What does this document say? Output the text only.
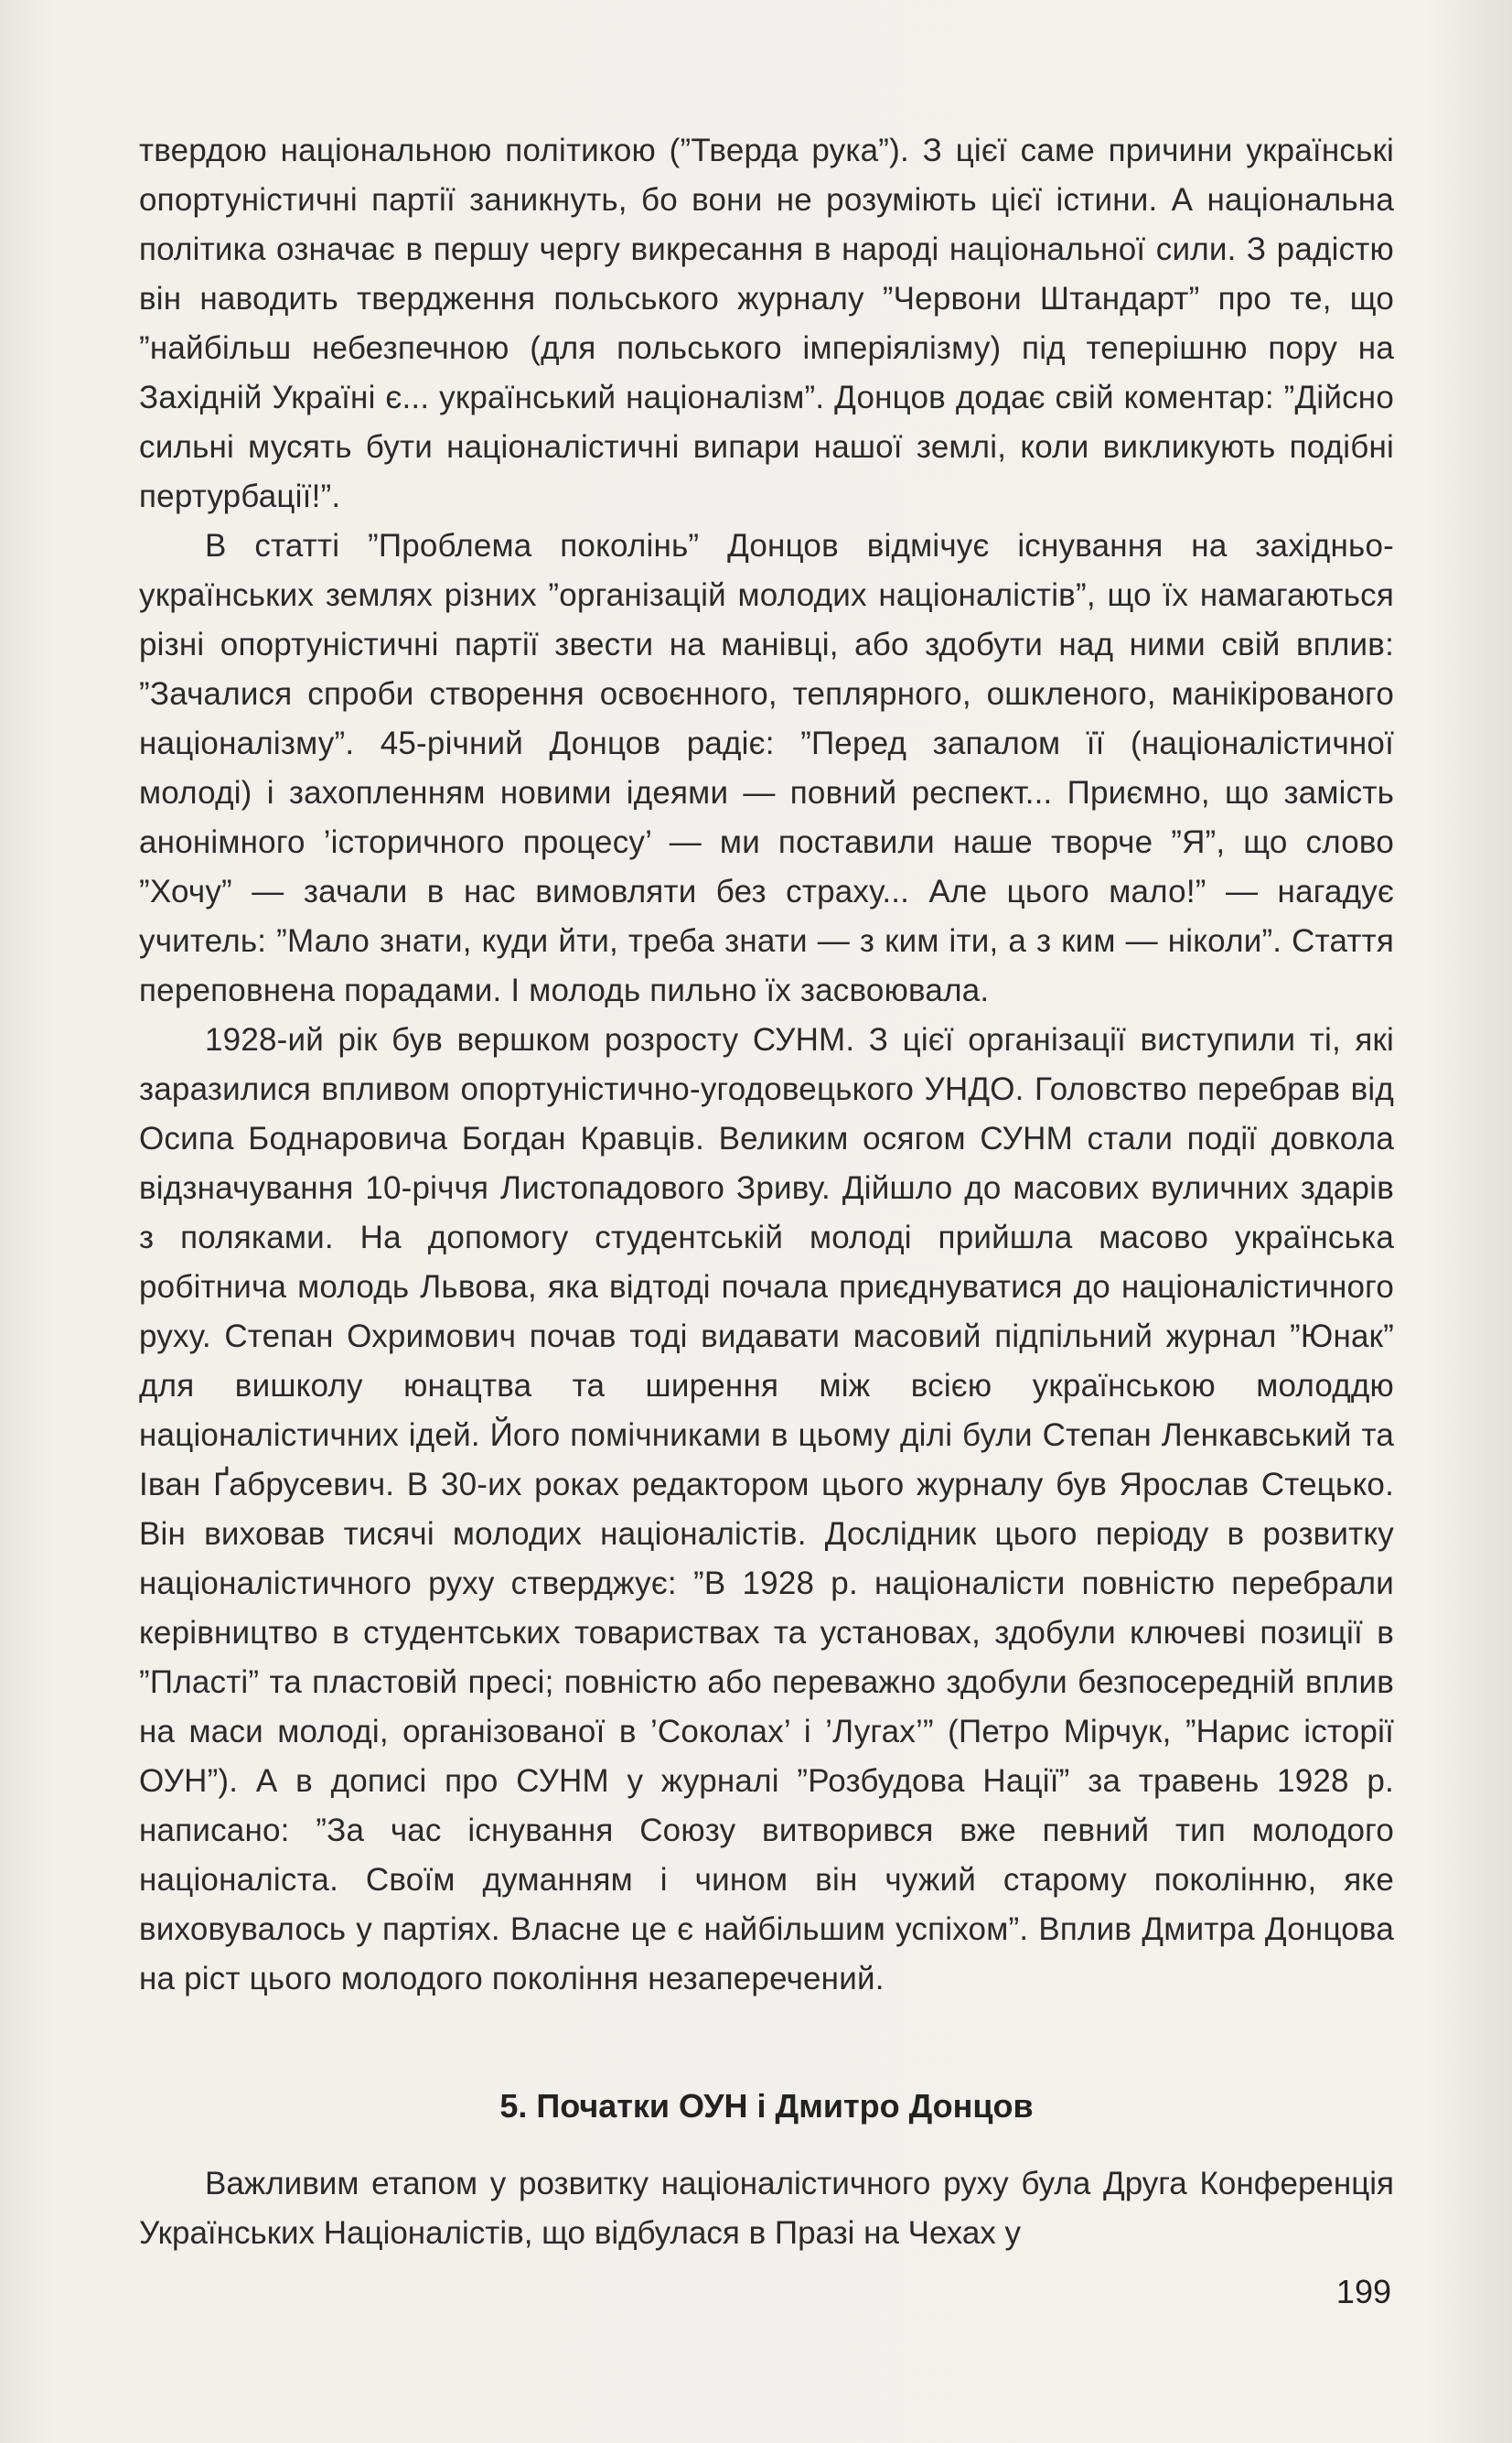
твердою національною політикою (”Тверда рука”). З цієї саме причини українські опортуністичні партії заникнуть, бо вони не розуміють цієї істини. А національна політика означає в першу чергу викресання в народі національної сили. З радістю він наводить твердження польського журналу ”Червони Штандарт” про те, що ”найбільш небезпечною (для польського імперіялізму) під теперішню пору на Західній Україні є... український націоналізм”. Донцов додає свій коментар: ”Дійсно сильні мусять бути націоналістичні випари нашої землі, коли викликують подібні пертурбації!”.

В статті ”Проблема поколінь” Донцов відмічує існування на західньо-українських землях різних ”організацій молодих націоналістів”, що їх намагаються різні опортуністичні партії звести на манівці, або здобути над ними свій вплив: ”Зачалися спроби створення освоєнного, теплярного, ошкленого, манікірованого націоналізму”. 45-річний Донцов радіє: ”Перед запалом її (націоналістичної молоді) і захопленням новими ідеями — повний респект... Приємно, що замість анонімного ’історичного процесу’ — ми поставили наше творче ”Я”, що слово ”Хочу” — зачали в нас вимовляти без страху... Але цього мало!” — нагадує учитель: ”Мало знати, куди йти, треба знати — з ким іти, а з ким — ніколи”. Стаття переповнена порадами. І молодь пильно їх засвоювала.

1928-ий рік був вершком розросту СУНМ. З цієї організації виступили ті, які заразилися впливом опортуністично-угодовецького УНДО. Головство перебрав від Осипа Боднаровича Богдан Кравців. Великим осягом СУНМ стали події довкола відзначування 10-річчя Листопадового Зриву. Дійшло до масових вуличних здарів з поляками. На допомогу студентській молоді прийшла масово українська робітнича молодь Львова, яка відтоді почала приєднуватися до націоналістичного руху. Степан Охримович почав тоді видавати масовий підпільний журнал ”Юнак” для вишколу юнацтва та ширення між всією українською молоддю націоналістичних ідей. Його помічниками в цьому ділі були Степан Ленкавський та Іван Ґабрусевич. В 30-их роках редактором цього журналу був Ярослав Стецько. Він виховав тисячі молодих націоналістів. Дослідник цього періоду в розвитку націоналістичного руху стверджує: ”В 1928 р. націоналісти повністю перебрали керівництво в студентських товариствах та установах, здобули ключеві позиції в ”Пласті” та пластовій пресі; повністю або переважно здобули безпосередній вплив на маси молоді, організованої в ’Соколах’ і ’Лугах’” (Петро Мірчук, ”Нарис історії ОУН”). А в дописі про СУНМ у журналі ”Розбудова Нації” за травень 1928 р. написано: ”За час існування Союзу витворився вже певний тип молодого націоналіста. Своїм думанням і чином він чужий старому поколінню, яке виховувалось у партіях. Власне це є найбільшим успіхом”. Вплив Дмитра Донцова на ріст цього молодого покоління незаперечений.

5. Початки ОУН і Дмитро Донцов

Важливим етапом у розвитку націоналістичного руху була Друга Конференція Українських Націоналістів, що відбулася в Празі на Чехах у

199
